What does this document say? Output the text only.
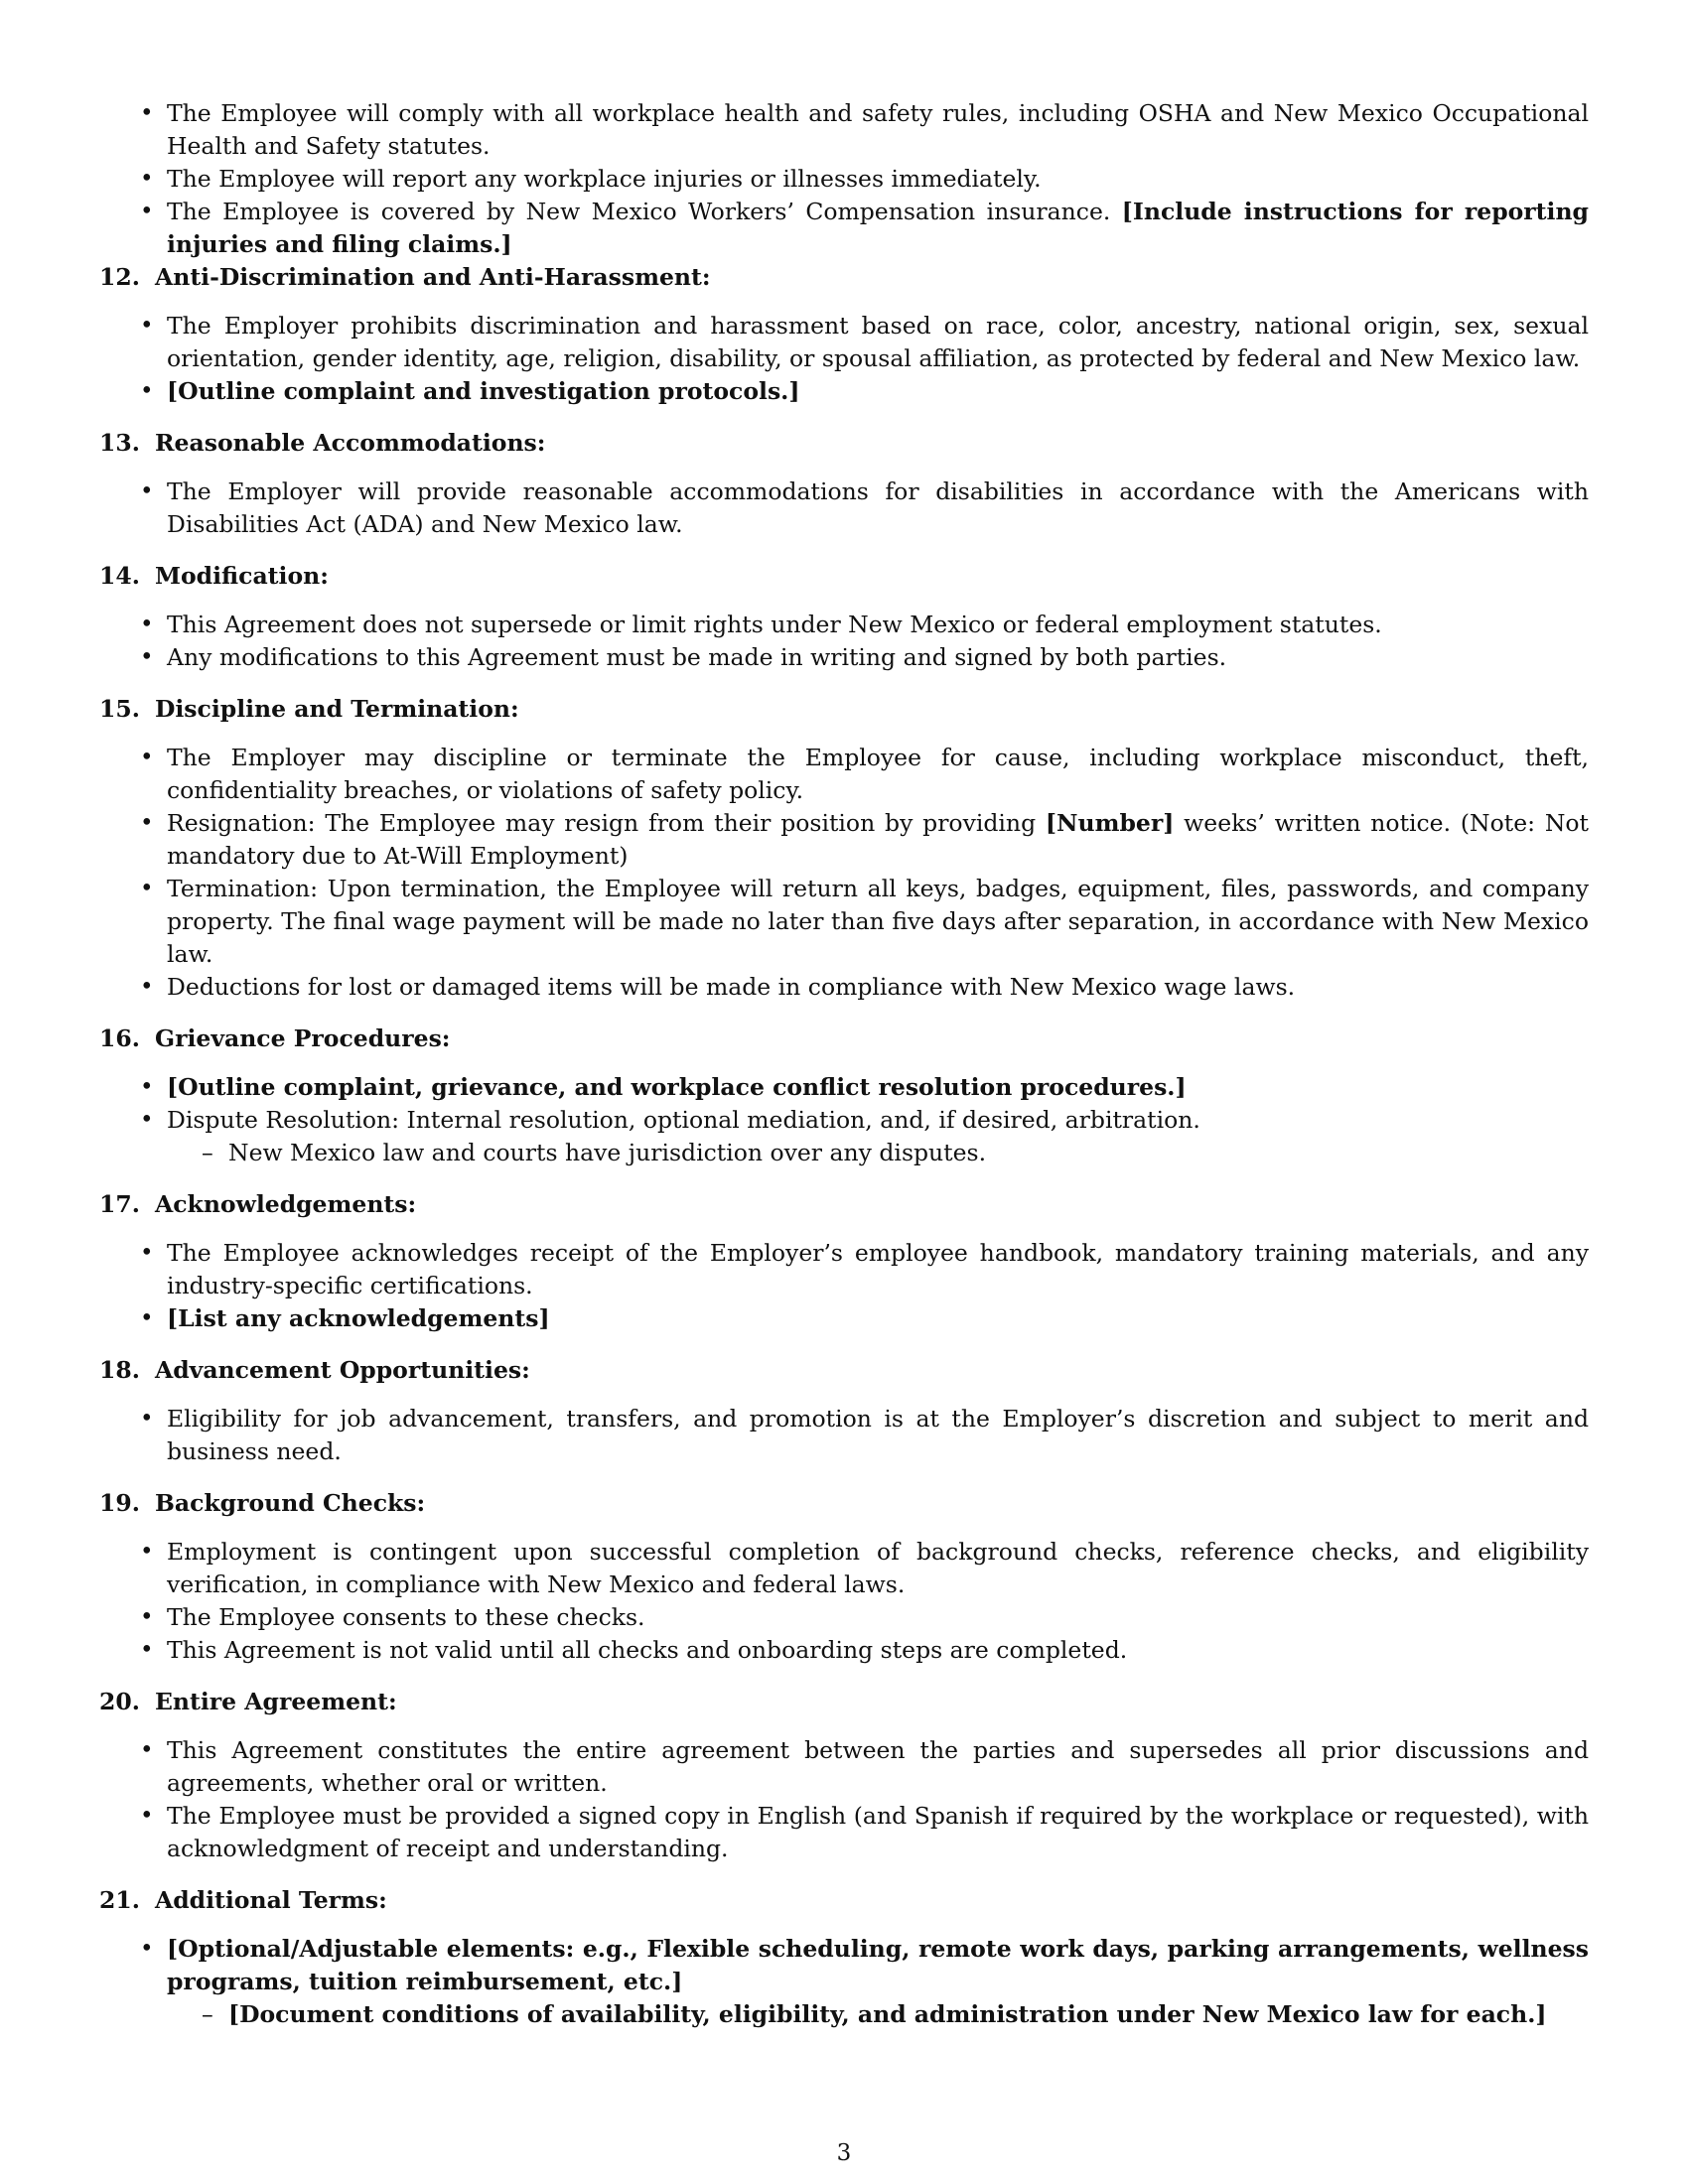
• The Employee will comply with all workplace health and safety rules, including OSHA and New Mexico Occupational Health and Safety statutes.
• The Employee will report any workplace injuries or illnesses immediately.
• The Employee is covered by New Mexico Workers’ Compensation insurance. [Include instructions for reporting injuries and filing claims.]
12. Anti-Discrimination and Anti-Harassment:
• The Employer prohibits discrimination and harassment based on race, color, ancestry, national origin, sex, sexual orientation, gender identity, age, religion, disability, or spousal affiliation, as protected by federal and New Mexico law.
• [Outline complaint and investigation protocols.]
13. Reasonable Accommodations:
• The Employer will provide reasonable accommodations for disabilities in accordance with the Americans with Disabilities Act (ADA) and New Mexico law.
14. Modification:
• This Agreement does not supersede or limit rights under New Mexico or federal employment statutes.
• Any modifications to this Agreement must be made in writing and signed by both parties.
15. Discipline and Termination:
• The Employer may discipline or terminate the Employee for cause, including workplace misconduct, theft, confidentiality breaches, or violations of safety policy.
• Resignation: The Employee may resign from their position by providing [Number] weeks’ written notice. (Note: Not mandatory due to At-Will Employment)
• Termination: Upon termination, the Employee will return all keys, badges, equipment, files, passwords, and company property. The final wage payment will be made no later than five days after separation, in accordance with New Mexico law.
• Deductions for lost or damaged items will be made in compliance with New Mexico wage laws.
16. Grievance Procedures:
• [Outline complaint, grievance, and workplace conflict resolution procedures.]
• Dispute Resolution: Internal resolution, optional mediation, and, if desired, arbitration.
– New Mexico law and courts have jurisdiction over any disputes.
17. Acknowledgements:
• The Employee acknowledges receipt of the Employer’s employee handbook, mandatory training materials, and any industry-specific certifications.
• [List any acknowledgements]
18. Advancement Opportunities:
• Eligibility for job advancement, transfers, and promotion is at the Employer’s discretion and subject to merit and business need.
19. Background Checks:
• Employment is contingent upon successful completion of background checks, reference checks, and eligibility verification, in compliance with New Mexico and federal laws.
• The Employee consents to these checks.
• This Agreement is not valid until all checks and onboarding steps are completed.
20. Entire Agreement:
• This Agreement constitutes the entire agreement between the parties and supersedes all prior discussions and agreements, whether oral or written.
• The Employee must be provided a signed copy in English (and Spanish if required by the workplace or requested), with acknowledgment of receipt and understanding.
21. Additional Terms:
• [Optional/Adjustable elements: e.g., Flexible scheduling, remote work days, parking arrangements, wellness programs, tuition reimbursement, etc.]
– [Document conditions of availability, eligibility, and administration under New Mexico law for each.]
3
